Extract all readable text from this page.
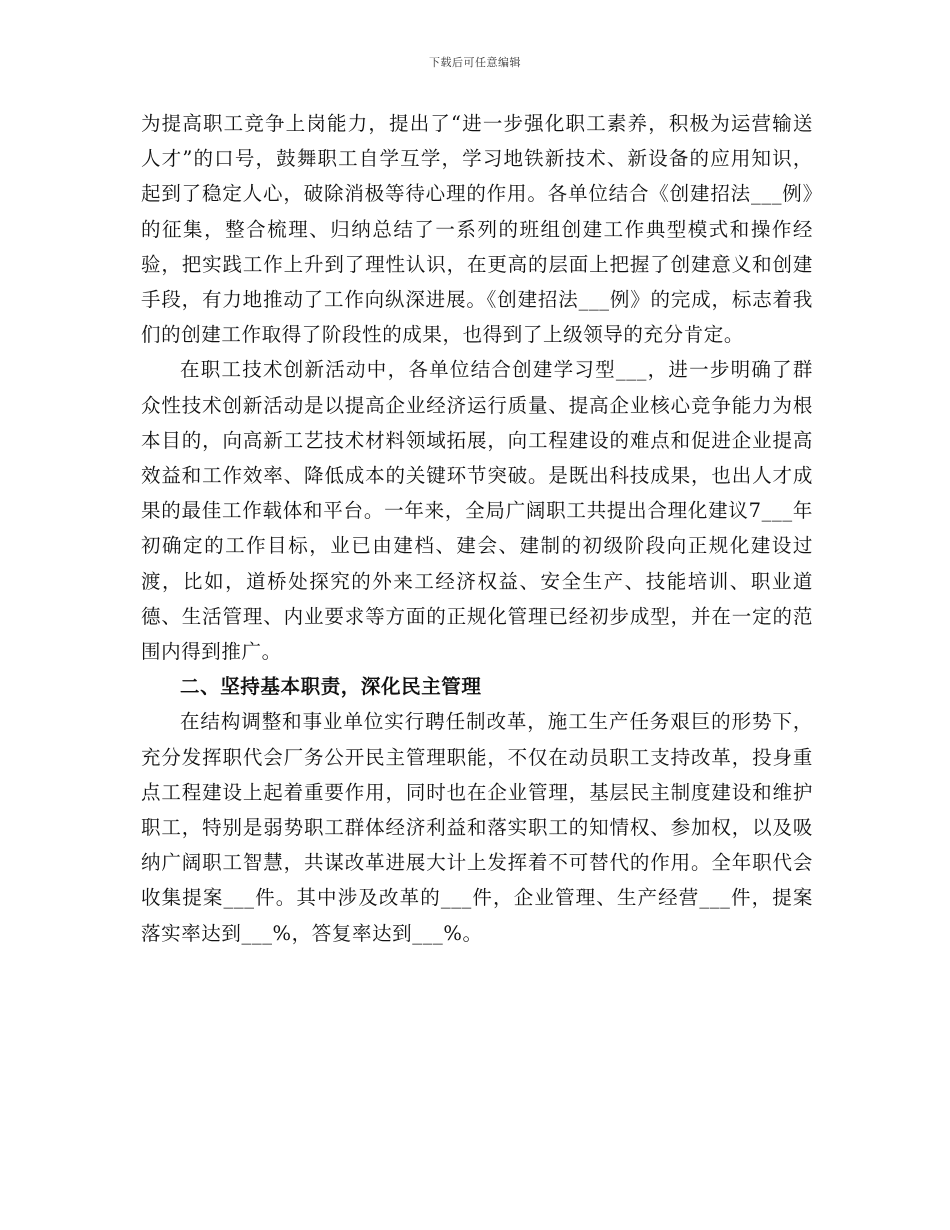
下载后可任意编辑

为提高职工竞争上岗能力，提出了“进一步强化职工素养，积极为运营输送人才”的口号，鼓舞职工自学互学，学习地铁新技术、新设备的应用知识，起到了稳定人心，破除消极等待心理的作用。各单位结合《创建招法___例》的征集，整合梳理、归纳总结了一系列的班组创建工作典型模式和操作经验，把实践工作上升到了理性认识，在更高的层面上把握了创建意义和创建手段，有力地推动了工作向纵深进展。《创建招法___例》的完成，标志着我们的创建工作取得了阶段性的成果，也得到了上级领导的充分肯定。

在职工技术创新活动中，各单位结合创建学习型___，进一步明确了群众性技术创新活动是以提高企业经济运行质量、提高企业核心竞争能力为根本目的，向高新工艺技术材料领域拓展，向工程建设的难点和促进企业提高效益和工作效率、降低成本的关键环节突破。是既出科技成果，也出人才成果的最佳工作载体和平台。一年来，全局广阔职工共提出合理化建议7___年初确定的工作目标，业已由建档、建会、建制的初级阶段向正规化建设过渡，比如，道桥处探究的外来工经济权益、安全生产、技能培训、职业道德、生活管理、内业要求等方面的正规化管理已经初步成型，并在一定的范围内得到推广。

二、坚持基本职责，深化民主管理

在结构调整和事业单位实行聘任制改革，施工生产任务艰巨的形势下，充分发挥职代会厂务公开民主管理职能，不仅在动员职工支持改革，投身重点工程建设上起着重要作用，同时也在企业管理，基层民主制度建设和维护职工，特别是弱势职工群体经济利益和落实职工的知情权、参加权，以及吸纳广阔职工智慧，共谋改革进展大计上发挥着不可替代的作用。全年职代会收集提案___件。其中涉及改革的___件，企业管理、生产经营___件，提案落实率达到___%，答复率达到___%。
